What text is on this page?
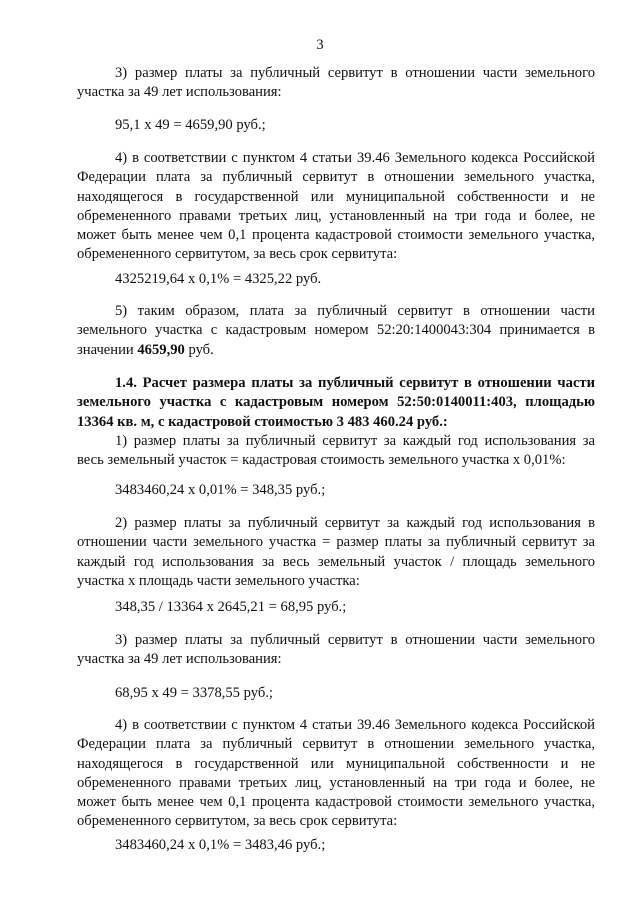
3

3) размер платы за публичный сервитут в отношении части земельного участка за 49 лет использования:

95,1 х 49 = 4659,90 руб.;

4) в соответствии с пунктом 4 статьи 39.46 Земельного кодекса Российской Федерации плата за публичный сервитут в отношении земельного участка, находящегося в государственной или муниципальной собственности и не обремененного правами третьих лиц, установленный на три года и более, не может быть менее чем 0,1 процента кадастровой стоимости земельного участка, обремененного сервитутом, за весь срок сервитута:

4325219,64 х 0,1% = 4325,22 руб.

5) таким образом, плата за публичный сервитут в отношении части земельного участка с кадастровым номером 52:20:1400043:304 принимается в значении 4659,90 руб.

1.4. Расчет размера платы за публичный сервитут в отношении части земельного участка с кадастровым номером 52:50:0140011:403, площадью 13364 кв. м, с кадастровой стоимостью 3 483 460.24 руб.:

1) размер платы за публичный сервитут за каждый год использования за весь земельный участок = кадастровая стоимость земельного участка х 0,01%:

3483460,24 х 0,01% = 348,35 руб.;

2) размер платы за публичный сервитут за каждый год использования в отношении части земельного участка = размер платы за публичный сервитут за каждый год использования за весь земельный участок / площадь земельного участка х площадь части земельного участка:

348,35 / 13364 х 2645,21 = 68,95 руб.;

3) размер платы за публичный сервитут в отношении части земельного участка за 49 лет использования:

68,95 х 49 = 3378,55 руб.;

4) в соответствии с пунктом 4 статьи 39.46 Земельного кодекса Российской Федерации плата за публичный сервитут в отношении земельного участка, находящегося в государственной или муниципальной собственности и не обремененного правами третьих лиц, установленный на три года и более, не может быть менее чем 0,1 процента кадастровой стоимости земельного участка, обремененного сервитутом, за весь срок сервитута:

3483460,24 х 0,1% = 3483,46 руб.;
